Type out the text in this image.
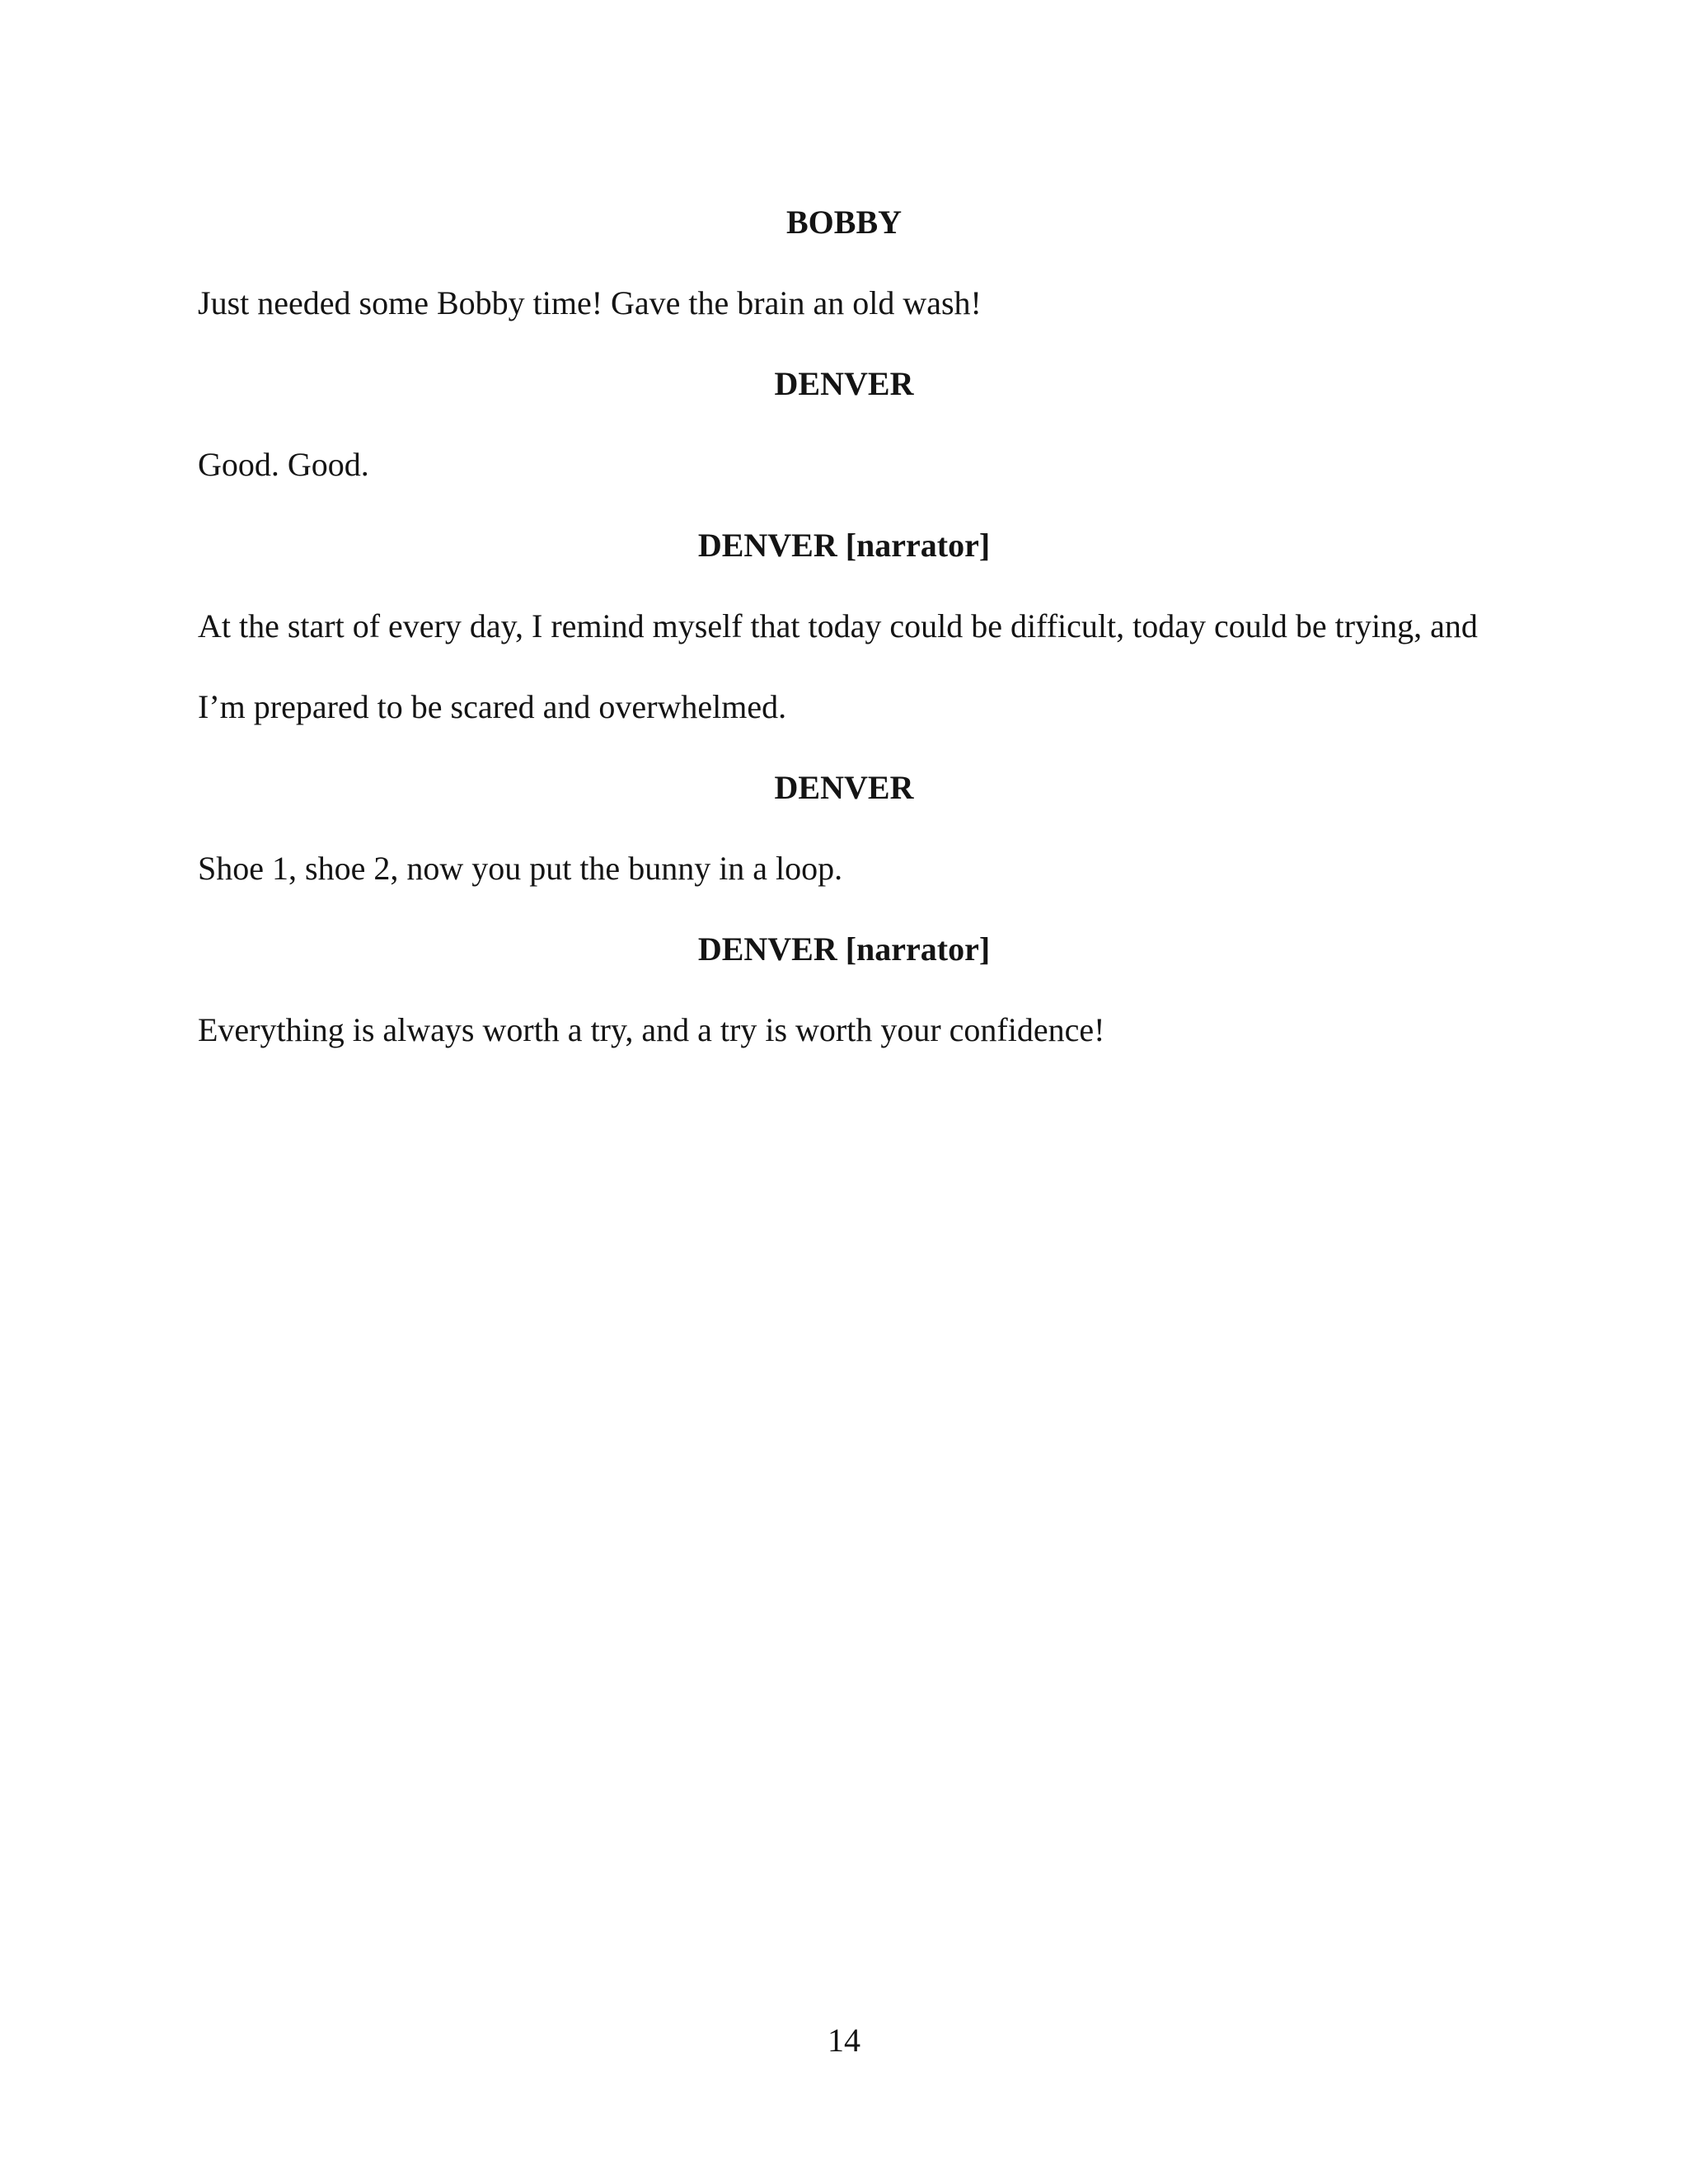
BOBBY
Just needed some Bobby time! Gave the brain an old wash!
DENVER
Good. Good.
DENVER [narrator]
At the start of every day, I remind myself that today could be difficult, today could be trying, and
I’m prepared to be scared and overwhelmed.
DENVER
Shoe 1, shoe 2, now you put the bunny in a loop.
DENVER [narrator]
Everything is always worth a try, and a try is worth your confidence!
14
